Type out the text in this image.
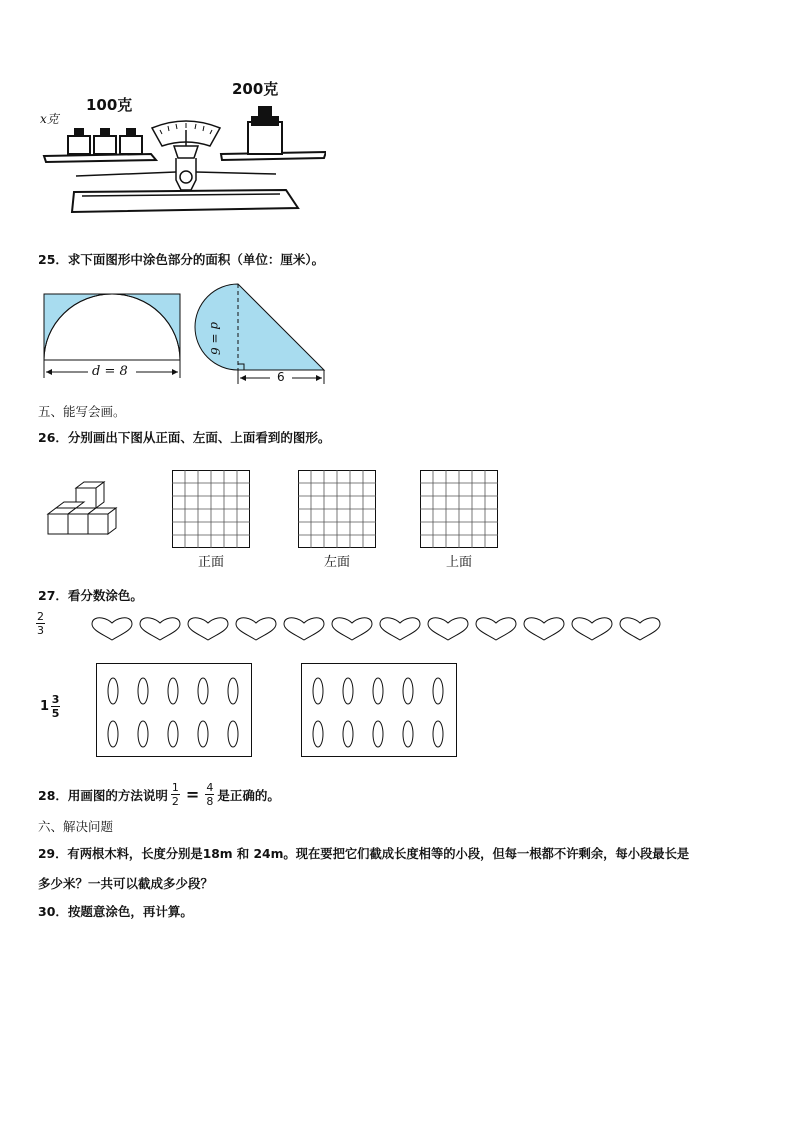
x克
100克
200克
25．求下面图形中涂色部分的面积（单位：厘米）。
d = 8
d = 6
6
五、能写会画。
26．分别画出下图从正面、左面、上面看到的图形。
正面	左面	上面
27．看分数涂色。
$\frac{2}{3}$
$1 \frac{3}{5}$
28． 用画图的方法说明 $\frac{1}{2} = \frac{4}{8}$ 是正确的。
六、解决问题
29．有两根木料，长度分别是18m 和 24m。现在要把它们截成长度相等的小段，但每一根都不许剩余，每小段最长是
多少米？一共可以截成多少段？
30．按题意涂色，再计算。
